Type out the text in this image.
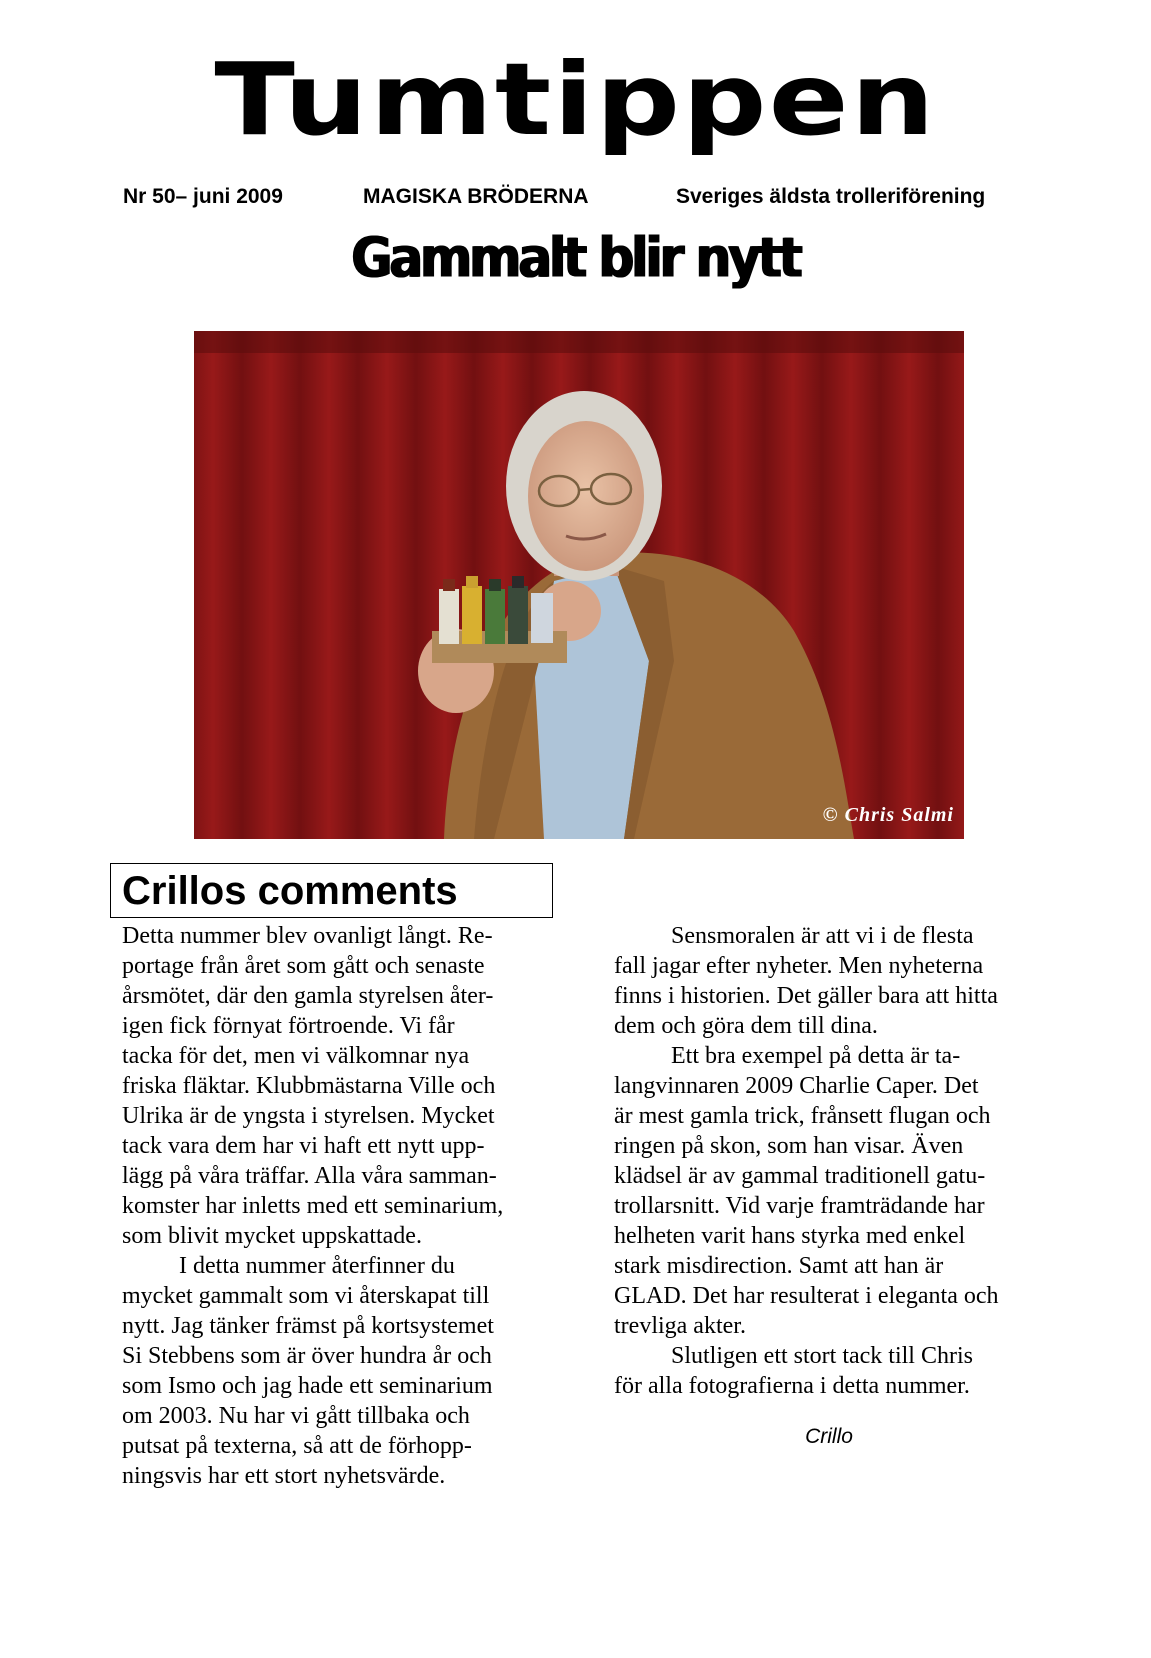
Tumtippen
Nr 50– juni 2009	MAGISKA BRÖDERNA	Sveriges äldsta trolleriförening
Gammalt blir nytt
© Chris Salmi
Crillos comments
Detta nummer blev ovanligt långt. Re-
portage från året som gått och senaste
årsmötet, där den gamla styrelsen åter-
igen fick förnyat förtroende. Vi får
tacka för det, men vi välkomnar nya
friska fläktar. Klubbmästarna Ville och
Ulrika är de yngsta i styrelsen. Mycket
tack vara dem har vi haft ett nytt upp-
lägg på våra träffar. Alla våra samman-
komster har inletts med ett seminarium,
som blivit mycket uppskattade.
I detta nummer återfinner du
mycket gammalt som vi återskapat till
nytt. Jag tänker främst på kortsystemet
Si Stebbens som är över hundra år och
som Ismo och jag hade ett seminarium
om 2003. Nu har vi gått tillbaka och
putsat på texterna, så att de förhopp-
ningsvis har ett stort nyhetsvärde.
Sensmoralen är att vi i de flesta
fall jagar efter nyheter. Men nyheterna
finns i historien. Det gäller bara att hitta
dem och göra dem till dina.
Ett bra exempel på detta är ta-
langvinnaren 2009 Charlie Caper. Det
är mest gamla trick, frånsett flugan och
ringen på skon, som han visar. Även
klädsel är av gammal traditionell gatu-
trollarsnitt. Vid varje framträdande har
helheten varit hans styrka med enkel
stark misdirection. Samt att han är
GLAD. Det har resulterat i eleganta och
trevliga akter.
Slutligen ett stort tack till Chris
för alla fotografierna i detta nummer.
Crillo
